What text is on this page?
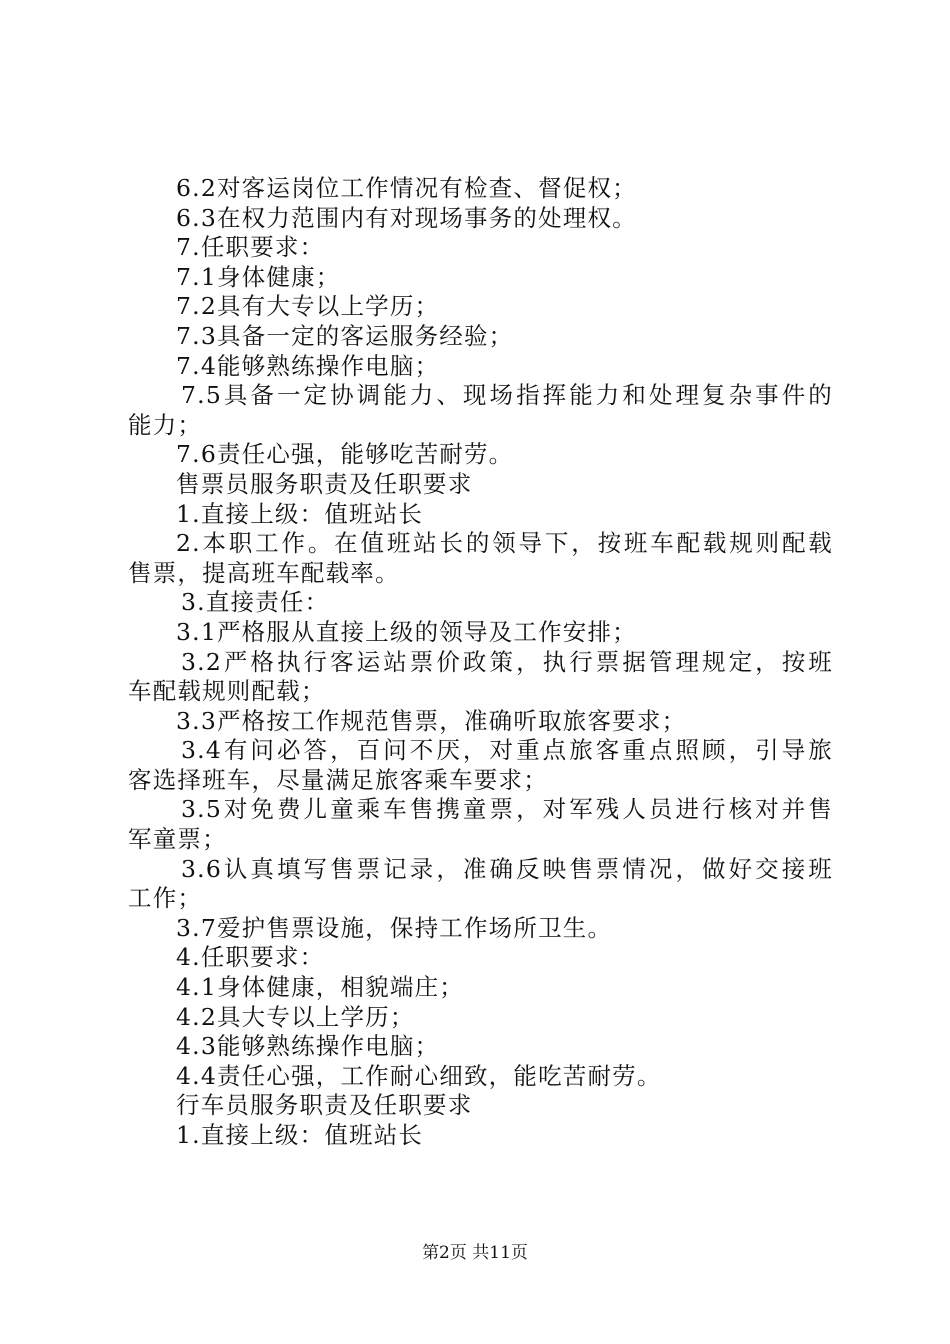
6.2对客运岗位工作情况有检查、督促权；
6.3在权力范围内有对现场事务的处理权。
7.任职要求：
7.1身体健康；
7.2具有大专以上学历；
7.3具备一定的客运服务经验；
7.4能够熟练操作电脑；
7.5具备一定协调能力、现场指挥能力和处理复杂事件的
能力；
7.6责任心强，能够吃苦耐劳。
售票员服务职责及任职要求
1.直接上级：值班站长
2.本职工作。在值班站长的领导下，按班车配载规则配载
售票，提高班车配载率。
3.直接责任：
3.1严格服从直接上级的领导及工作安排；
3.2严格执行客运站票价政策，执行票据管理规定，按班
车配载规则配载；
3.3严格按工作规范售票，准确听取旅客要求；
3.4有问必答，百问不厌，对重点旅客重点照顾，引导旅
客选择班车，尽量满足旅客乘车要求；
3.5对免费儿童乘车售携童票，对军残人员进行核对并售
军童票；
3.6认真填写售票记录，准确反映售票情况，做好交接班
工作；
3.7爱护售票设施，保持工作场所卫生。
4.任职要求：
4.1身体健康，相貌端庄；
4.2具大专以上学历；
4.3能够熟练操作电脑；
4.4责任心强，工作耐心细致，能吃苦耐劳。
行车员服务职责及任职要求
1.直接上级：值班站长
第2页 共11页
